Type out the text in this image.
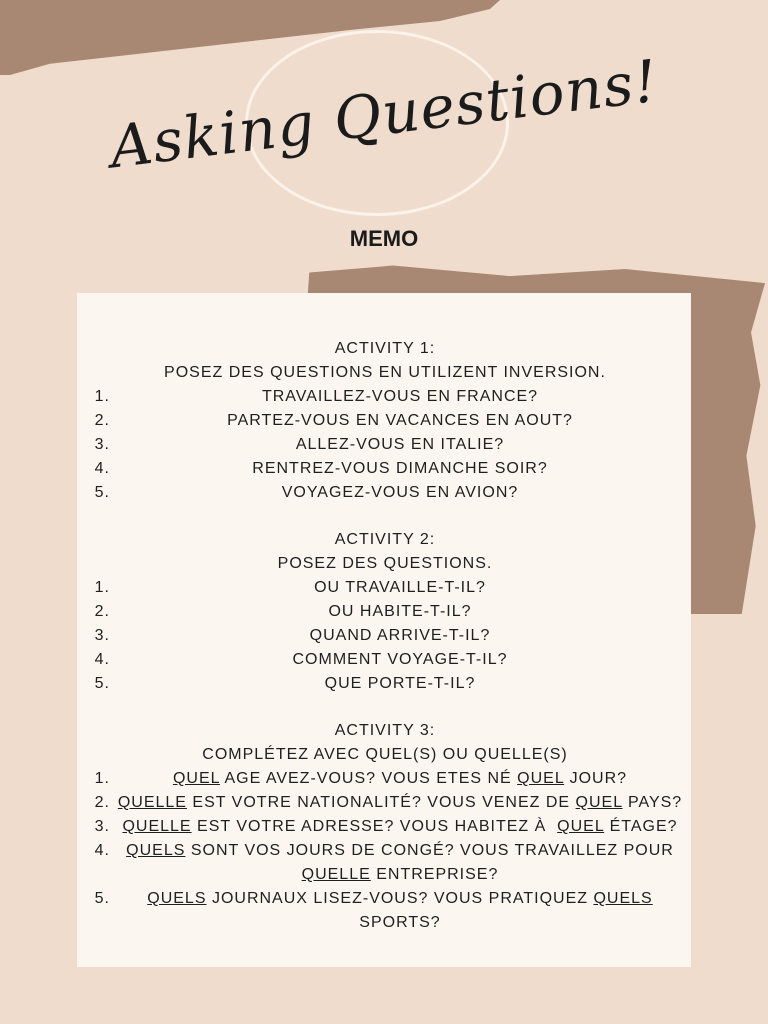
Asking Questions!
MEMO
ACTIVITY 1:
POSEZ DES QUESTIONS EN UTILIZENT INVERSION.
1.	TRAVAILLEZ-VOUS EN FRANCE?
2.	PARTEZ-VOUS EN VACANCES EN AOUT?
3.	ALLEZ-VOUS EN ITALIE?
4.	RENTREZ-VOUS DIMANCHE SOIR?
5.	VOYAGEZ-VOUS EN AVION?
ACTIVITY 2:
POSEZ DES QUESTIONS.
1.	OU TRAVAILLE-T-IL?
2.	OU HABITE-T-IL?
3.	QUAND ARRIVE-T-IL?
4.	COMMENT VOYAGE-T-IL?
5.	QUE PORTE-T-IL?
ACTIVITY 3:
COMPLÉTEZ AVEC QUEL(S) OU QUELLE(S)
1.	QUEL AGE AVEZ-VOUS? VOUS ETES NÉ QUEL JOUR?
2. QUELLE EST VOTRE NATIONALITÉ? VOUS VENEZ DE QUEL PAYS?
3. QUELLE EST VOTRE ADRESSE? VOUS HABITEZ À  QUEL ÉTAGE?
4.	QUELS SONT VOS JOURS DE CONGÉ? VOUS TRAVAILLEZ POUR
QUELLE ENTREPRISE?
5.	QUELS JOURNAUX LISEZ-VOUS? VOUS PRATIQUEZ QUELS
SPORTS?
